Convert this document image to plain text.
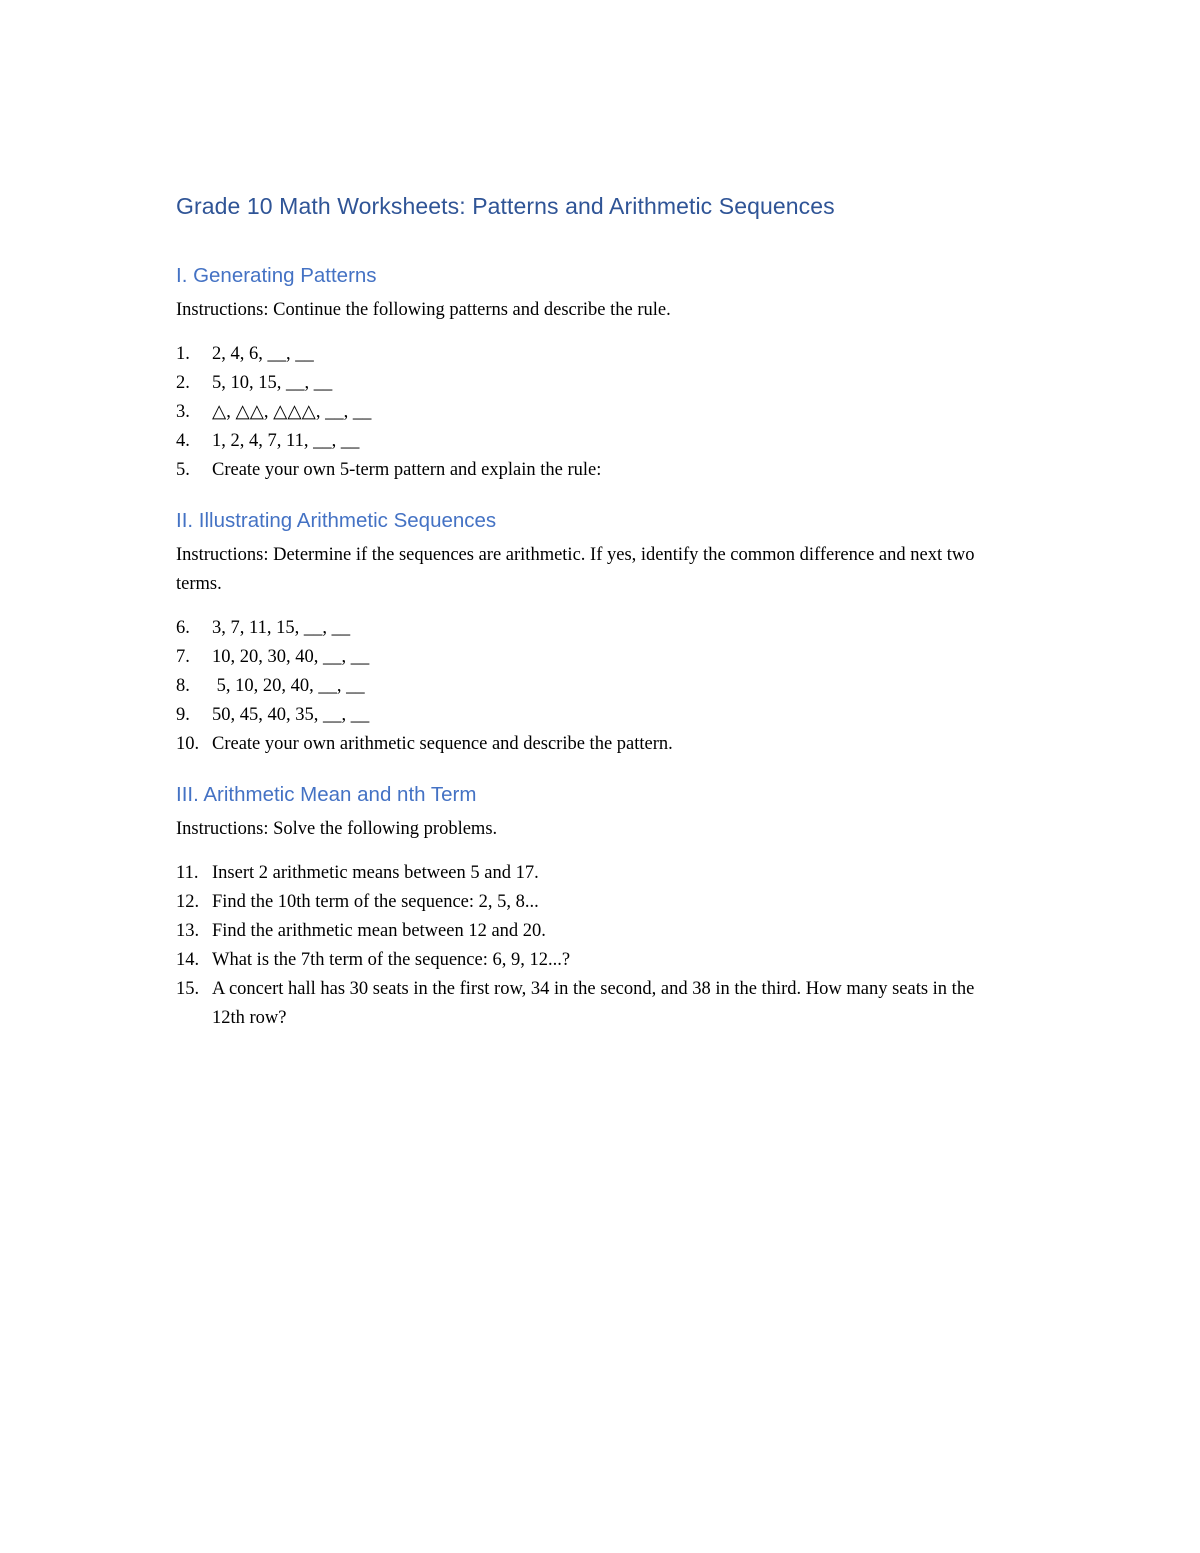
Grade 10 Math Worksheets: Patterns and Arithmetic Sequences
I. Generating Patterns

Instructions: Continue the following patterns and describe the rule.

1.	2, 4, 6, __, __
2.	5, 10, 15, __, __
3.	△, △△, △△△, __, __
4.	1, 2, 4, 7, 11, __, __
5.	Create your own 5-term pattern and explain the rule:
II. Illustrating Arithmetic Sequences

Instructions: Determine if the sequences are arithmetic. If yes, identify the common difference and next two terms.

6.	3, 7, 11, 15, __, __
7.	10, 20, 30, 40, __, __
8.	5, 10, 20, 40, __, __
9.	50, 45, 40, 35, __, __
10. Create your own arithmetic sequence and describe the pattern.
III. Arithmetic Mean and nth Term

Instructions: Solve the following problems.

11. Insert 2 arithmetic means between 5 and 17.
12. Find the 10th term of the sequence: 2, 5, 8...
13. Find the arithmetic mean between 12 and 20.
14. What is the 7th term of the sequence: 6, 9, 12...?
15. A concert hall has 30 seats in the first row, 34 in the second, and 38 in the third. How many seats in the 12th row?
